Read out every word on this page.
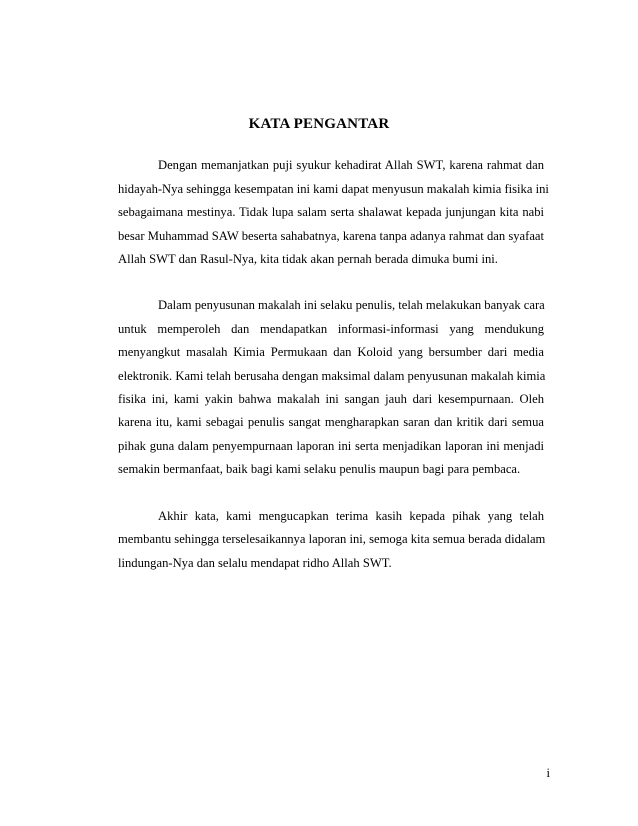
KATA PENGANTAR

Dengan memanjatkan puji syukur kehadirat Allah SWT, karena rahmat dan

hidayah-Nya sehingga kesempatan ini kami dapat menyusun makalah kimia fisika ini

sebagaimana mestinya. Tidak lupa salam serta shalawat kepada junjungan kita nabi

besar Muhammad SAW beserta sahabatnya, karena tanpa adanya rahmat dan syafaat

Allah SWT dan Rasul-Nya, kita tidak akan pernah berada dimuka bumi ini.

Dalam penyusunan makalah ini selaku penulis, telah melakukan banyak cara

untuk memperoleh dan mendapatkan informasi-informasi yang mendukung

menyangkut masalah Kimia Permukaan dan Koloid yang bersumber dari media

elektronik. Kami telah berusaha dengan maksimal dalam penyusunan makalah kimia

fisika ini, kami yakin bahwa makalah ini sangan jauh dari kesempurnaan. Oleh

karena itu, kami sebagai penulis sangat mengharapkan saran dan kritik dari semua

pihak guna dalam penyempurnaan laporan ini serta menjadikan laporan ini menjadi

semakin bermanfaat, baik bagi kami selaku penulis maupun bagi para pembaca.

Akhir kata, kami mengucapkan terima kasih kepada pihak yang telah

membantu sehingga terselesaikannya laporan ini, semoga kita semua berada didalam

lindungan-Nya dan selalu mendapat ridho Allah SWT.

i
